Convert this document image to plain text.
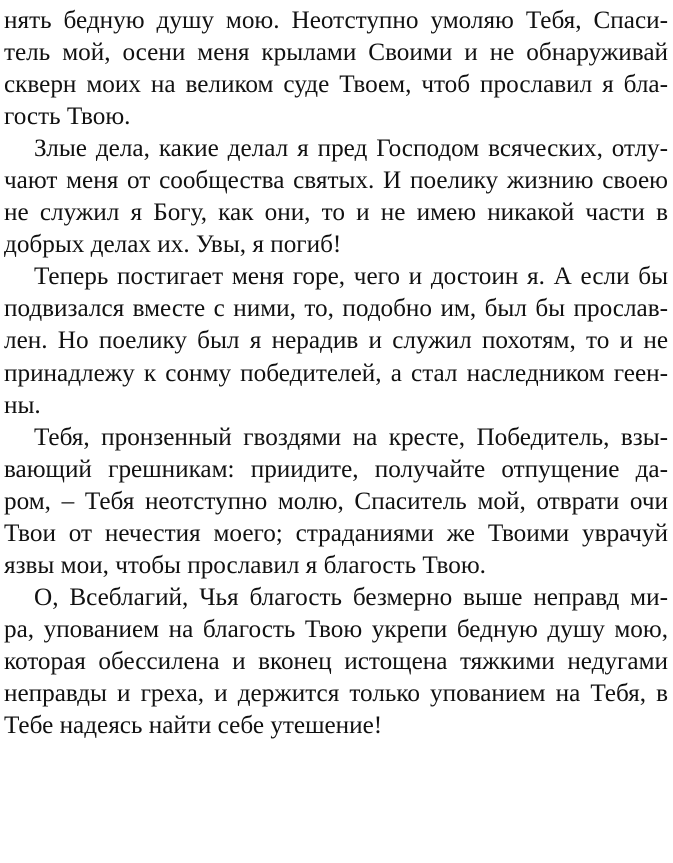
нять бедную душу мою. Неотступно умоляю Тебя, Спаси-
тель мой, осени меня крылами Своими и не обнаруживай
скверн моих на великом суде Твоем, чтоб прославил я бла-
гость Твою.
Злые дела, какие делал я пред Господом всяческих, отлу-
чают меня от сообщества святых. И поелику жизнию своею
не служил я Богу, как они, то и не имею никакой части в
добрых делах их. Увы, я погиб!
Теперь постигает меня горе, чего и достоин я. А если бы
подвизался вместе с ними, то, подобно им, был бы прослав-
лен. Но поелику был я нерадив и служил похотям, то и не
принадлежу к сонму победителей, а стал наследником геен-
ны.
Тебя, пронзенный гвоздями на кресте, Победитель, взы-
вающий грешникам: приидите, получайте отпущение да-
ром, – Тебя неотступно молю, Спаситель мой, отврати очи
Твои от нечестия моего; страданиями же Твоими уврачуй
язвы мои, чтобы прославил я благость Твою.
О, Всеблагий, Чья благость безмерно выше неправд ми-
ра, упованием на благость Твою укрепи бедную душу мою,
которая обессилена и вконец истощена тяжкими недугами
неправды и греха, и держится только упованием на Тебя, в
Тебе надеясь найти себе утешение!
